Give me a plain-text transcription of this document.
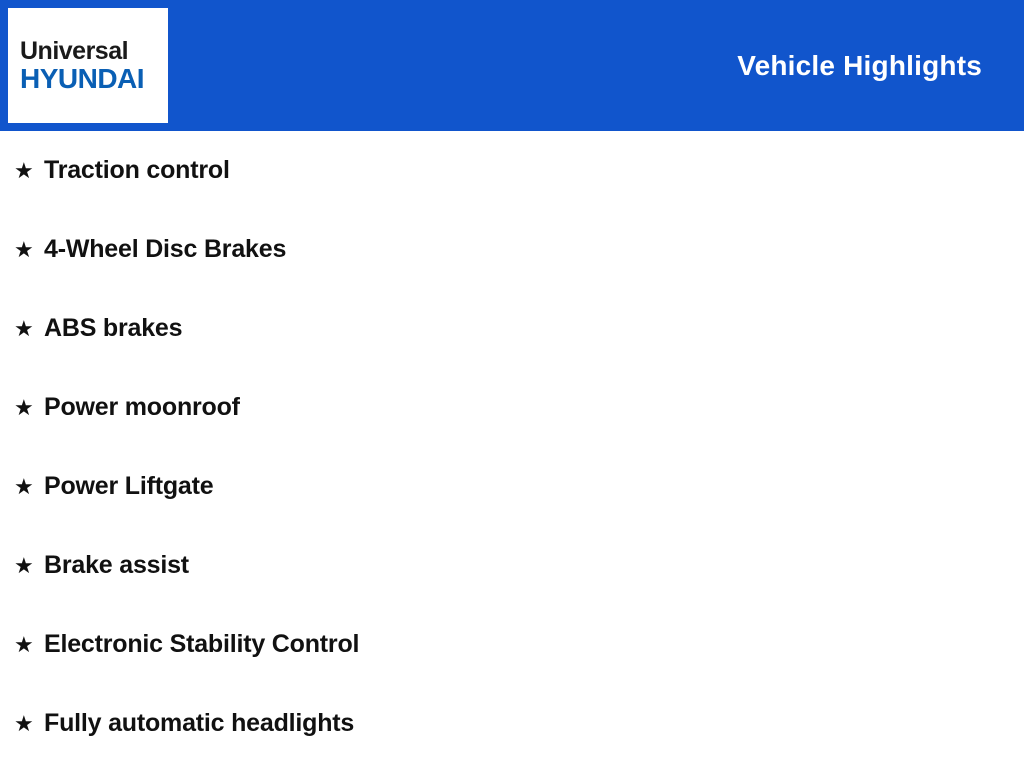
Universal
HYUNDAI	Vehicle Highlights
★ Traction control
★ 4-Wheel Disc Brakes
★ ABS brakes
★ Power moonroof
★ Power Liftgate
★ Brake assist
★ Electronic Stability Control
★ Fully automatic headlights
